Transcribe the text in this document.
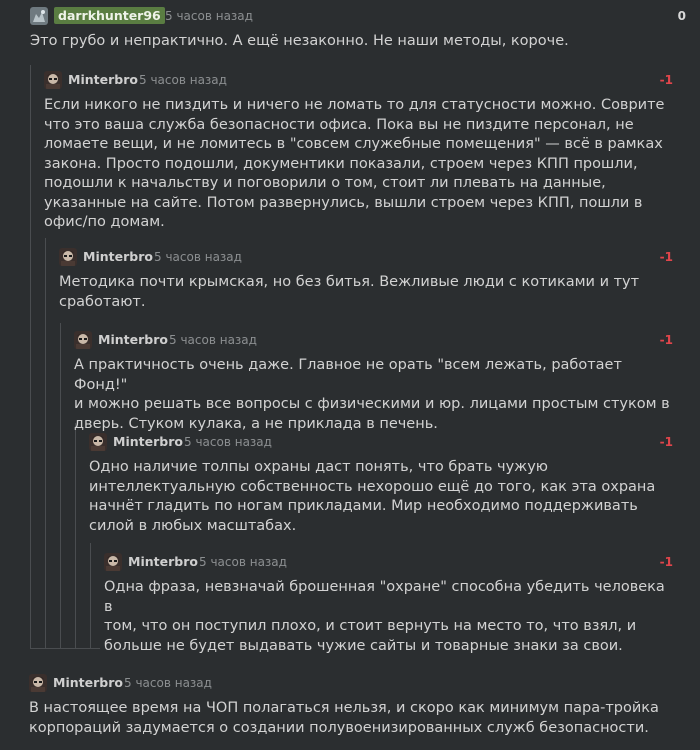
darrkhunter96 5 часов назад	0
Это грубо и непрактично. А ещё незаконно. Не наши методы, короче.
Minterbro 5 часов назад	-1
Если никого не пиздить и ничего не ломать то для статусности можно. Соврите
что это ваша служба безопасности офиса. Пока вы не пиздите персонал, не
ломаете вещи, и не ломитесь в "совсем служебные помещения" — всё в рамках
закона. Просто подошли, документики показали, строем через КПП прошли,
подошли к начальству и поговорили о том, стоит ли плевать на данные,
указанные на сайте. Потом развернулись, вышли строем через КПП, пошли в
офис/по домам.
Minterbro 5 часов назад	-1
Методика почти крымская, но без битья. Вежливые люди с котиками и тут
сработают.
Minterbro 5 часов назад	-1
А практичность очень даже. Главное не орать "всем лежать, работает Фонд!"
и можно решать все вопросы с физическими и юр. лицами простым стуком в
дверь. Стуком кулака, а не приклада в печень.
Minterbro 5 часов назад	-1
Одно наличие толпы охраны даст понять, что брать чужую
интеллектуальную собственность нехорошо ещё до того, как эта охрана
начнёт гладить по ногам прикладами. Мир необходимо поддерживать
силой в любых масштабах.
Minterbro 5 часов назад	-1
Одна фраза, невзначай брошенная "охране" способна убедить человека в
том, что он поступил плохо, и стоит вернуть на место то, что взял, и
больше не будет выдавать чужие сайты и товарные знаки за свои.
Minterbro 5 часов назад
В настоящее время на ЧОП полагаться нельзя, и скоро как минимум пара-тройка
корпораций задумается о создании полувоенизированных служб безопасности.
